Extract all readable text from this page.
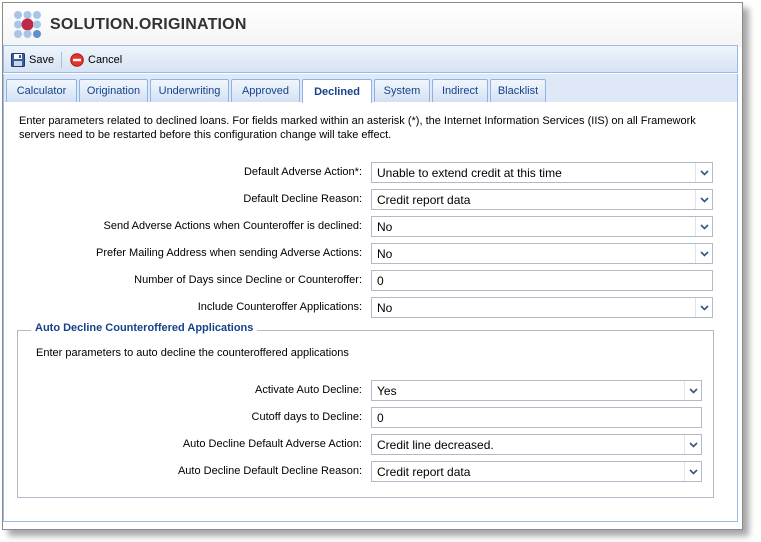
SOLUTION.ORIGINATION
Save	Cancel
Calculator	Origination	Underwriting	Approved	Declined	System	Indirect	Blacklist
Enter parameters related to declined loans. For fields marked within an asterisk (*), the Internet Information Services (IIS) on all Framework servers need to be restarted before this configuration change will take effect.
Default Adverse Action*:	Unable to extend credit at this time
Default Decline Reason:	Credit report data
Send Adverse Actions when Counteroffer is declined:	No
Prefer Mailing Address when sending Adverse Actions:	No
Number of Days since Decline or Counteroffer:	0
Include Counteroffer Applications:	No
Auto Decline Counteroffered Applications
Enter parameters to auto decline the counteroffered applications
Activate Auto Decline:	Yes
Cutoff days to Decline:	0
Auto Decline Default Adverse Action:	Credit line decreased.
Auto Decline Default Decline Reason:	Credit report data
